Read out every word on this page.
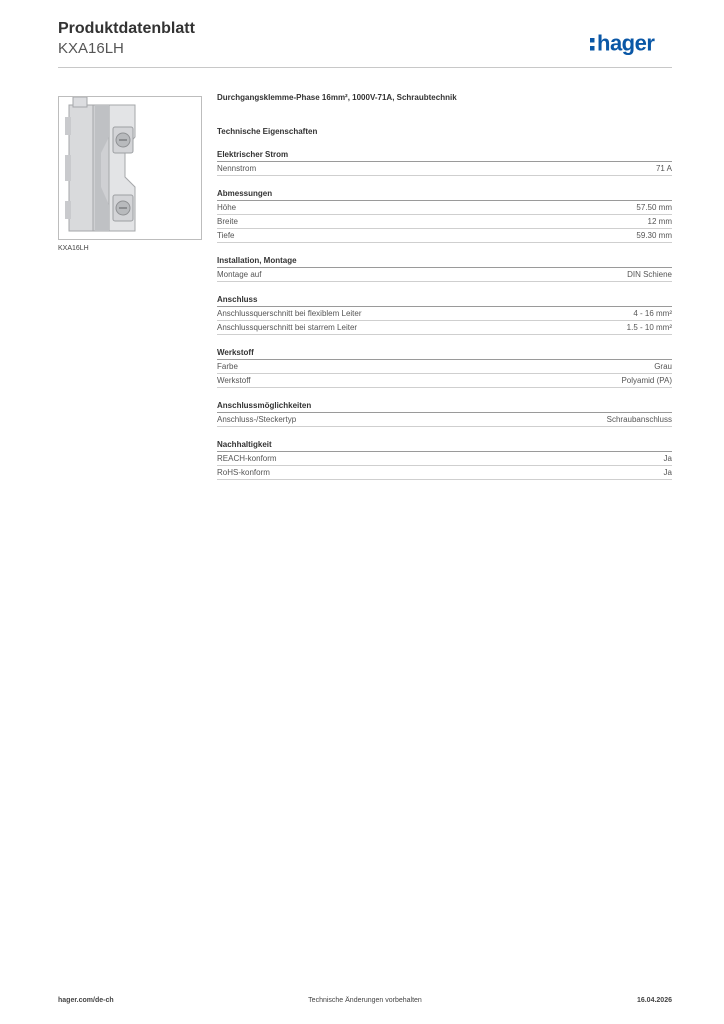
Produktdatenblatt
KXA16LH	hager
KXA16LH
Durchgangsklemme-Phase 16mm², 1000V-71A, Schraubtechnik
Technische Eigenschaften
Elektrischer Strom
Nennstrom	71 A
Abmessungen
Höhe	57.50 mm
Breite	12 mm
Tiefe	59.30 mm
Installation, Montage
Montage auf	DIN Schiene
Anschluss
Anschlussquerschnitt bei flexiblem Leiter	4 - 16 mm²
Anschlussquerschnitt bei starrem Leiter	1.5 - 10 mm²
Werkstoff
Farbe	Grau
Werkstoff	Polyamid (PA)
Anschlussmöglichkeiten
Anschluss-/Steckertyp	Schraubanschluss
Nachhaltigkeit
REACH-konform	Ja
RoHS-konform	Ja
hager.com/de-ch	Technische Änderungen vorbehalten	16.04.2026
